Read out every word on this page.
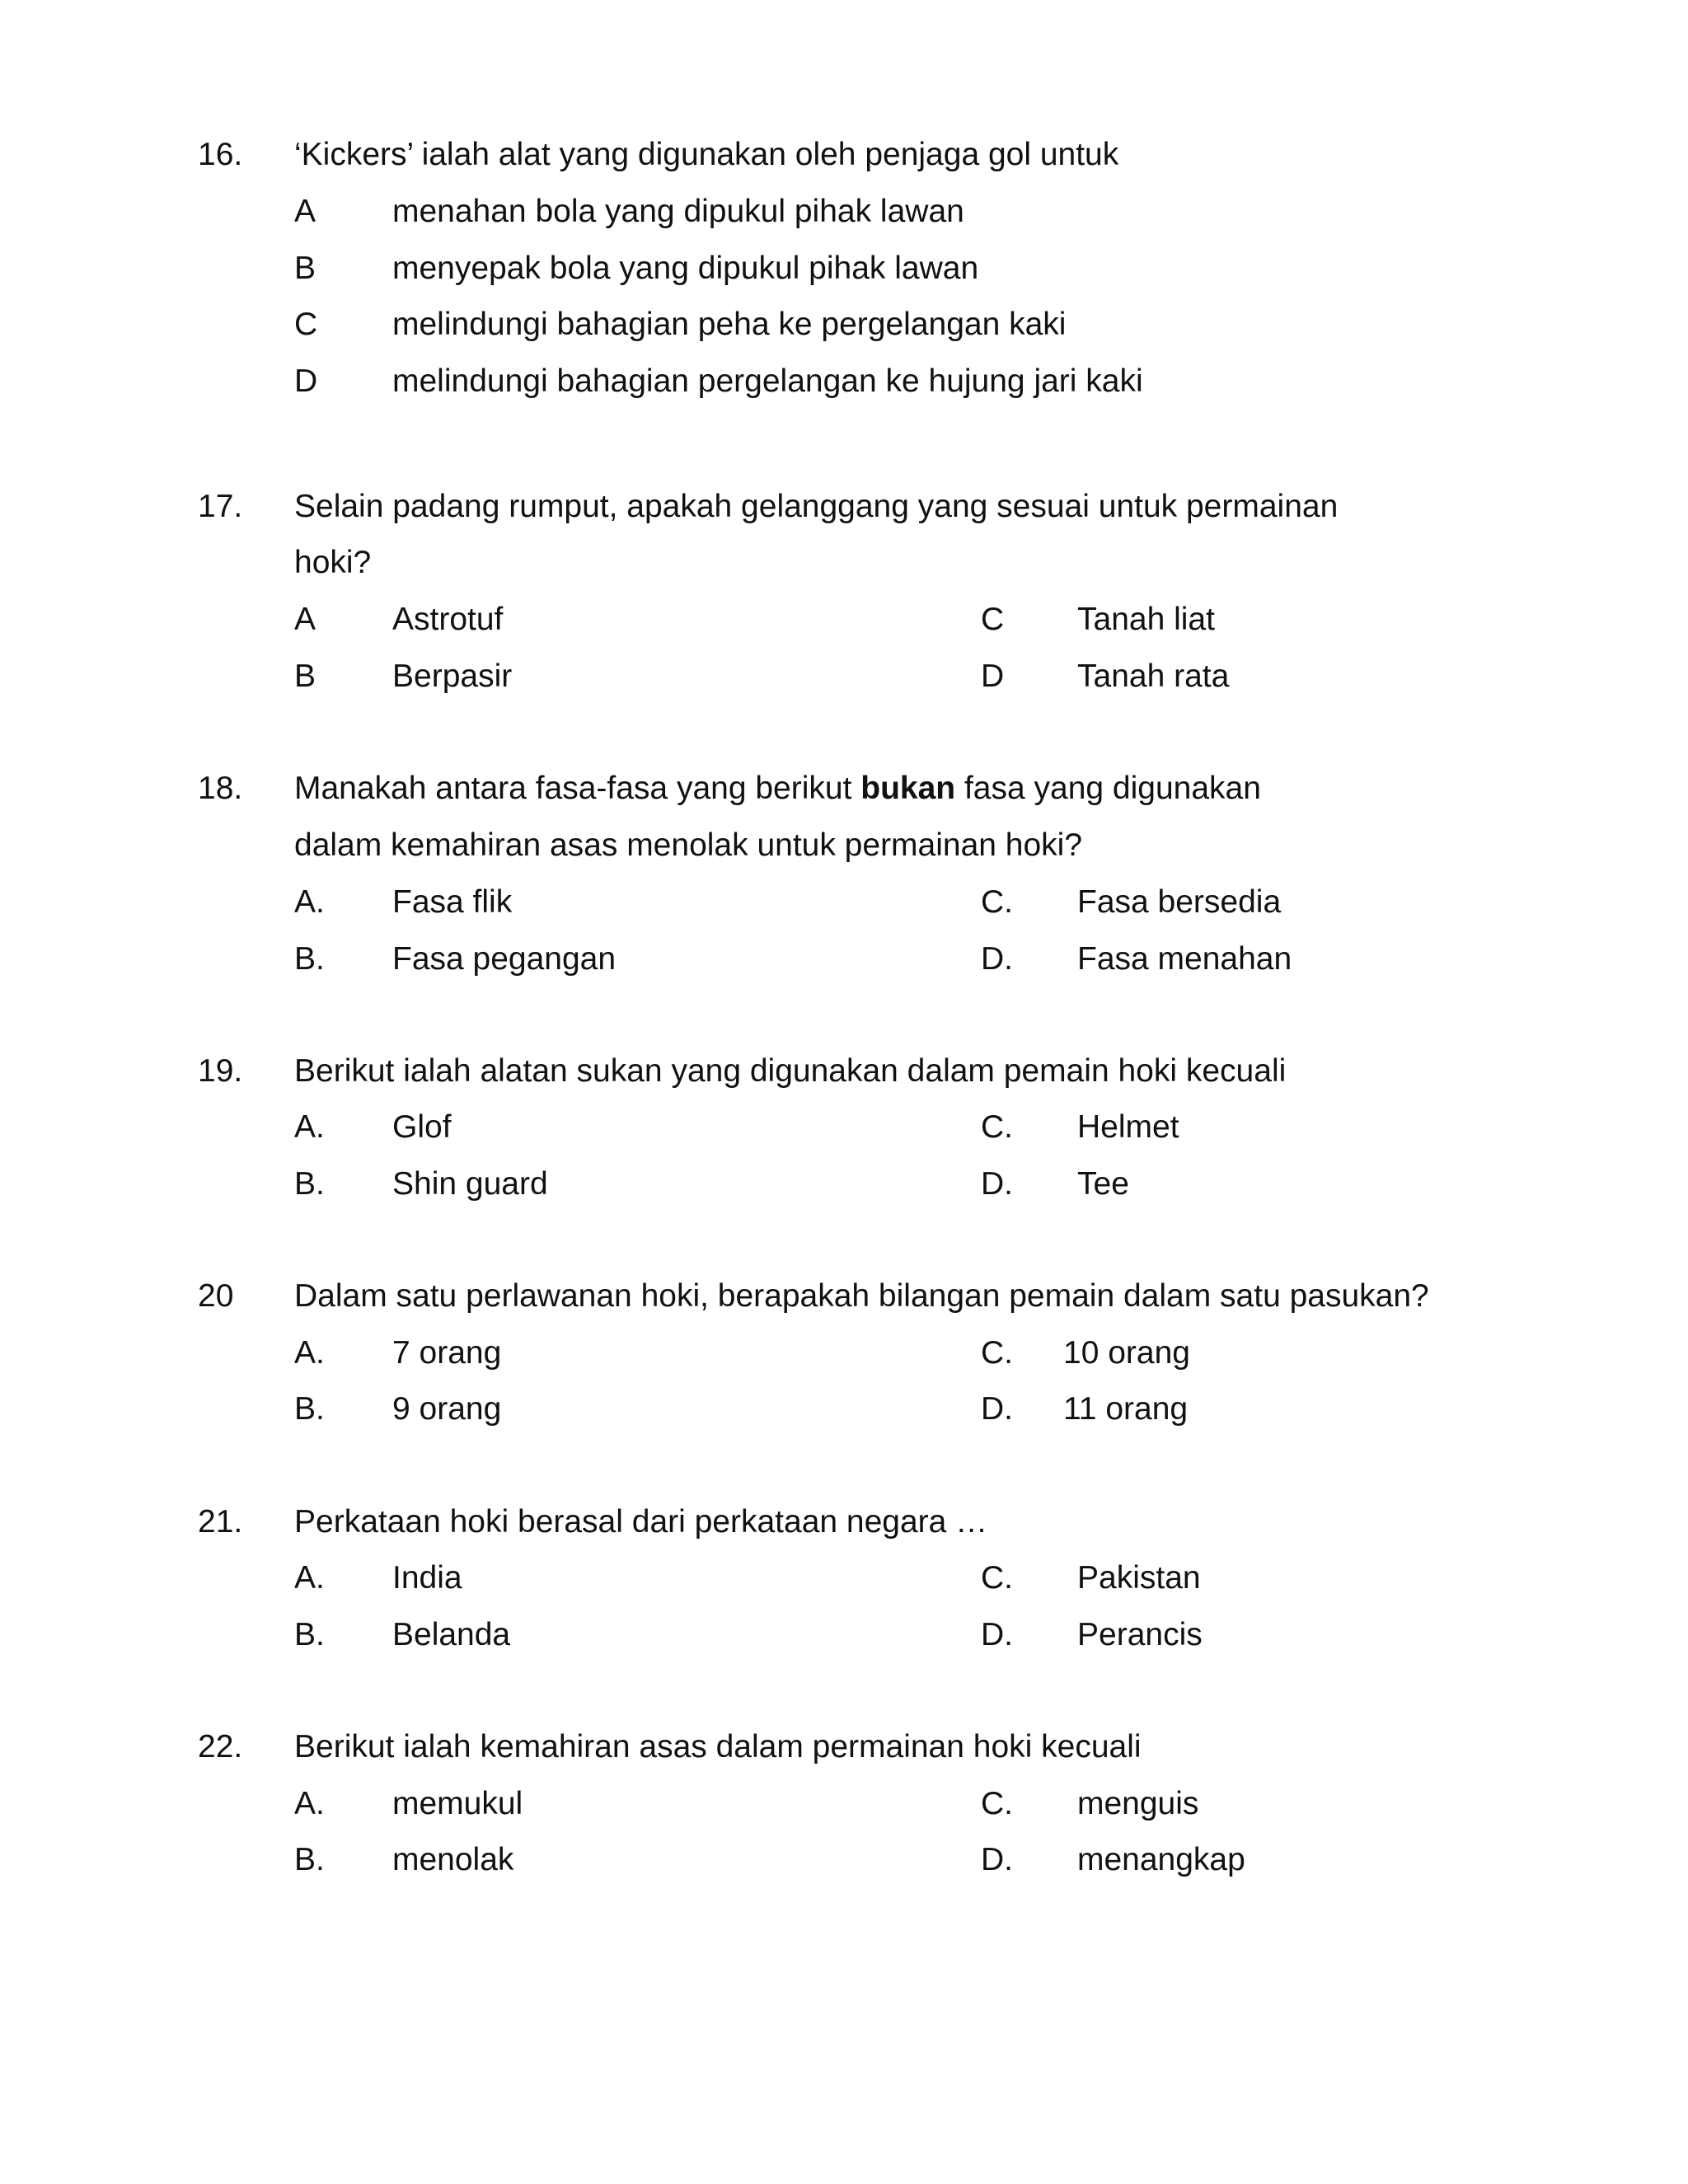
16. ‘Kickers’ ialah alat yang digunakan oleh penjaga gol untuk
A menahan bola yang dipukul pihak lawan
B menyepak bola yang dipukul pihak lawan
C melindungi bahagian peha ke pergelangan kaki
D melindungi bahagian pergelangan ke hujung jari kaki
17. Selain padang rumput, apakah gelanggang yang sesuai untuk permainan
hoki?
A Astrotuf
B Berpasir
C Tanah liat
D Tanah rata
18. Manakah antara fasa-fasa yang berikut bukan fasa yang digunakan
dalam kemahiran asas menolak untuk permainan hoki?
A. Fasa flik
B. Fasa pegangan
C. Fasa bersedia
D. Fasa menahan
19. Berikut ialah alatan sukan yang digunakan dalam pemain hoki kecuali
A. Glof
B. Shin guard
C. Helmet
D. Tee
20 Dalam satu perlawanan hoki, berapakah bilangan pemain dalam satu pasukan?
A. 7 orang
B. 9 orang
C. 10 orang
D. 11 orang
21. Perkataan hoki berasal dari perkataan negara …
A. India
B. Belanda
C. Pakistan
D. Perancis
22. Berikut ialah kemahiran asas dalam permainan hoki kecuali
A. memukul
B. menolak
C. menguis
D. menangkap
